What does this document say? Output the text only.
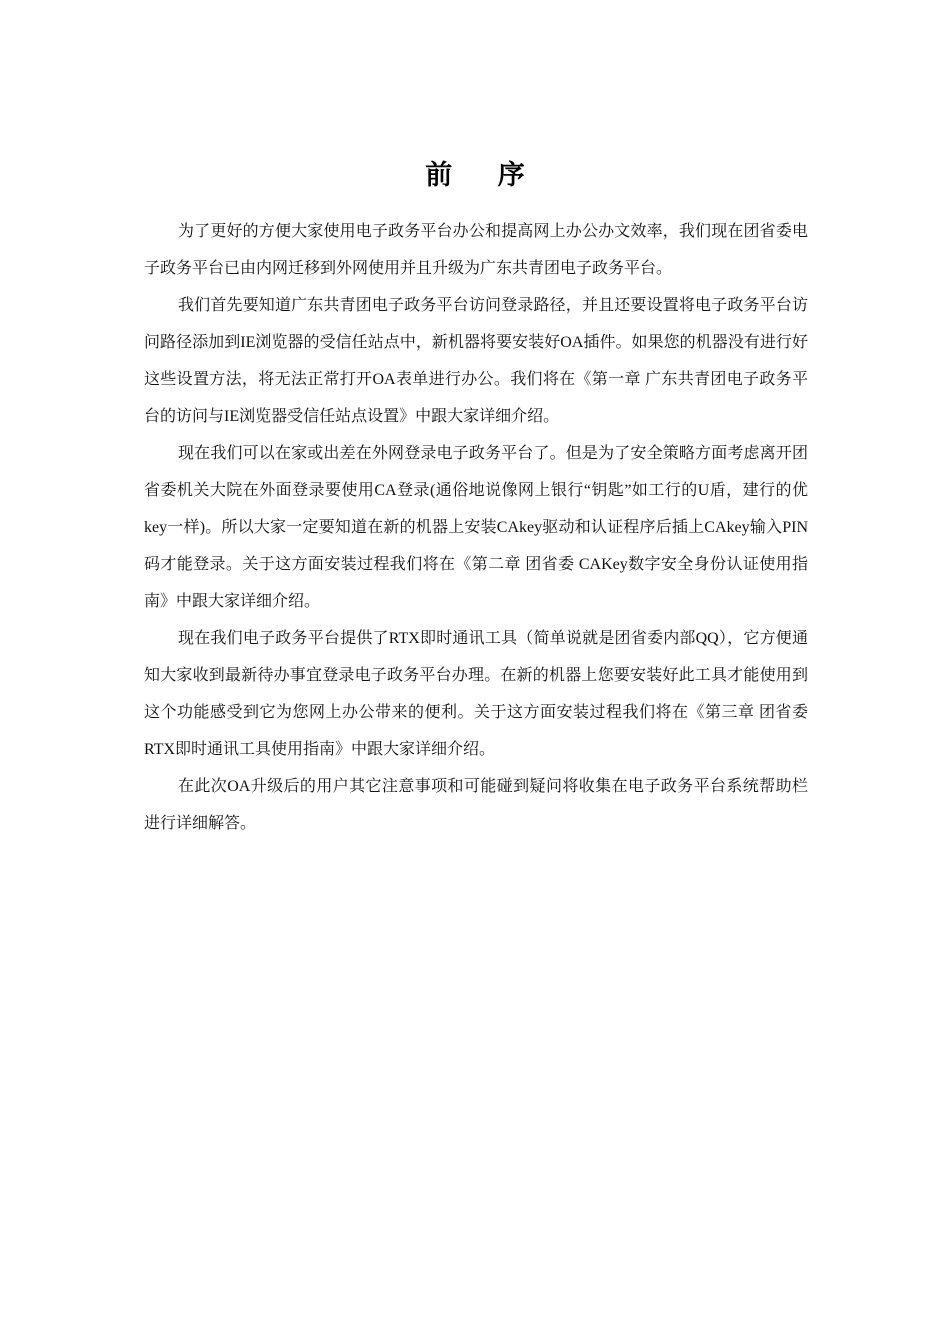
前 序

为了更好的方便大家使用电子政务平台办公和提高网上办公办文效率，我们现在团省委电子政务平台已由内网迁移到外网使用并且升级为广东共青团电子政务平台。

我们首先要知道广东共青团电子政务平台访问登录路径，并且还要设置将电子政务平台访问路径添加到IE浏览器的受信任站点中，新机器将要安装好OA插件。如果您的机器没有进行好这些设置方法，将无法正常打开OA表单进行办公。我们将在《第一章 广东共青团电子政务平台的访问与IE浏览器受信任站点设置》中跟大家详细介绍。

现在我们可以在家或出差在外网登录电子政务平台了。但是为了安全策略方面考虑离开团省委机关大院在外面登录要使用CA登录(通俗地说像网上银行“钥匙”如工行的U盾，建行的优key一样)。所以大家一定要知道在新的机器上安装CAkey驱动和认证程序后插上CAkey输入PIN码才能登录。关于这方面安装过程我们将在《第二章 团省委 CAKey数字安全身份认证使用指南》中跟大家详细介绍。

现在我们电子政务平台提供了RTX即时通讯工具（简单说就是团省委内部QQ），它方便通知大家收到最新待办事宜登录电子政务平台办理。在新的机器上您要安装好此工具才能使用到这个功能感受到它为您网上办公带来的便利。关于这方面安装过程我们将在《第三章 团省委RTX即时通讯工具使用指南》中跟大家详细介绍。

在此次OA升级后的用户其它注意事项和可能碰到疑问将收集在电子政务平台系统帮助栏进行详细解答。
